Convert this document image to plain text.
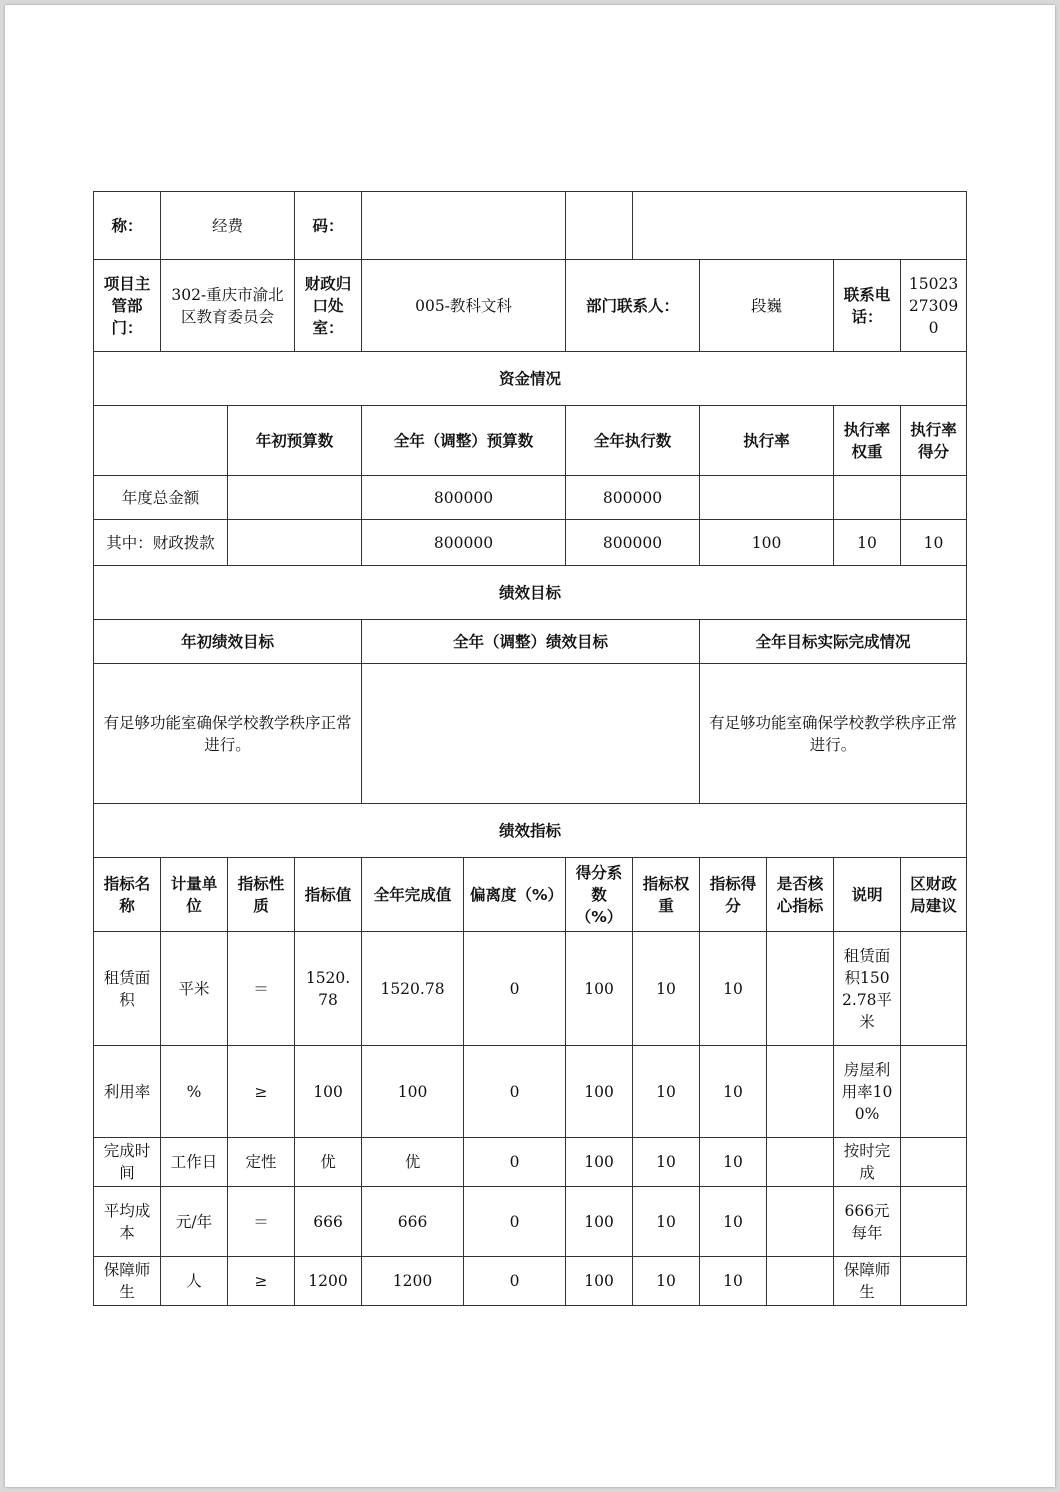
称：	经费		码：								
项目主管部门：	302-重庆市渝北区教育委员会		财政归口处室：	005-教科文科		部门联系人：		段巍		联系电话：	15023273090
资金情况											
		年初预算数		全年（调整）预算数		全年执行数		执行率		执行率权重	执行率得分
年度总金额				800000		800000					
其中：财政拨款				800000		800000		100		10	10
绩效目标											
年初绩效目标				全年（调整）绩效目标				全年目标实际完成情况			
有足够功能室确保学校教学秩序正常进行。								有足够功能室确保学校教学秩序正常进行。			
绩效指标											
指标名称	计量单位	指标性质	指标值	全年完成值	偏离度（%）	得分系数（%）	指标权重	指标得分	是否核心指标	说明	区财政局建议
租赁面积	平米	＝	1520.78	1520.78	0	100	10	10		租赁面积1502.78平米	
利用率	%	≥	100	100	0	100	10	10		房屋利用率100%	
完成时间	工作日	定性	优	优	0	100	10	10		按时完成	
平均成本	元/年	＝	666	666	0	100	10	10		666元每年	
保障师生	人	≥	1200	1200	0	100	10	10		保障师生	
